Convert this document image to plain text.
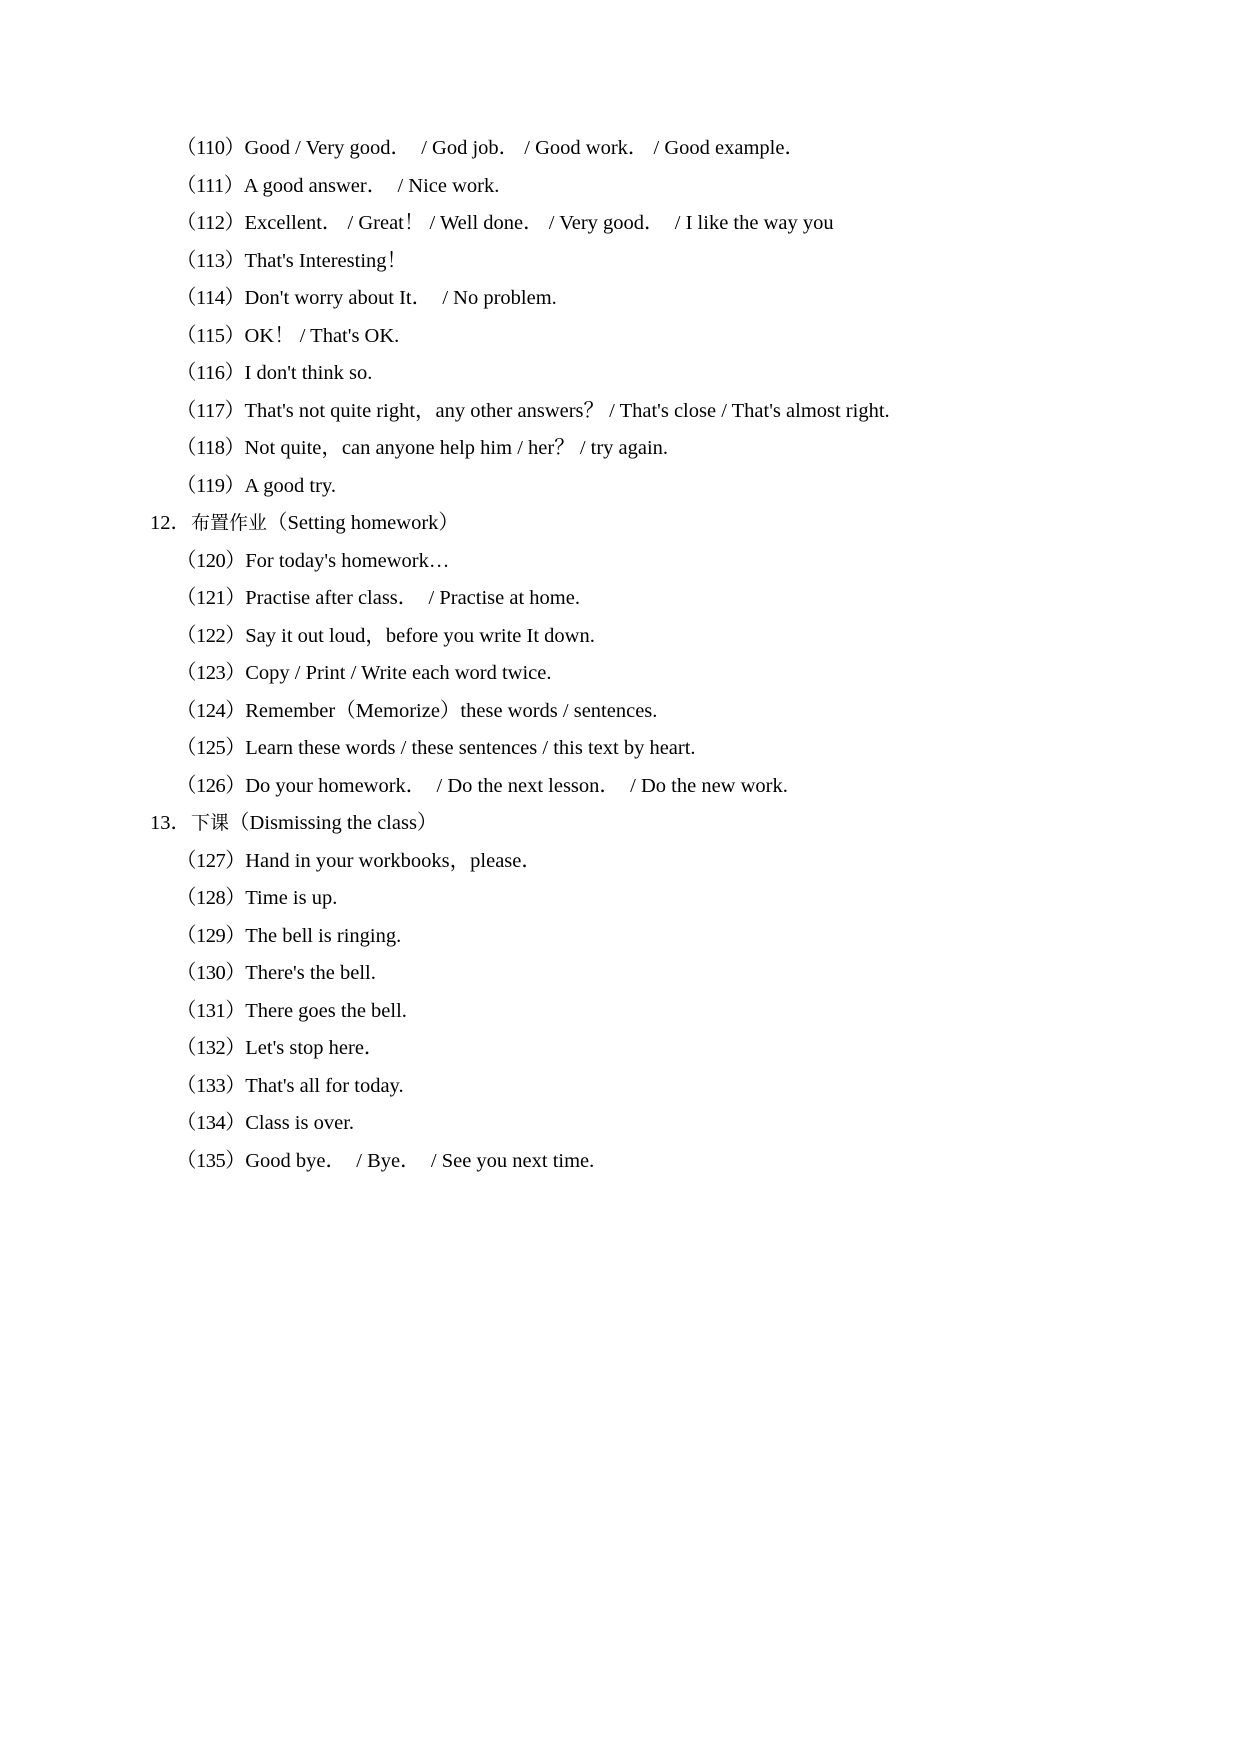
（110）Good / Very good．  / God job． / Good work． / Good example．
（111）A good answer．  / Nice work.
（112）Excellent． / Great！ / Well done． / Very good．  / I like the way you
（113）That's Interesting！
（114）Don't worry about It．  / No problem.
（115）OK！ / That's OK.
（116）I don't think so.
（117）That's not quite right，any other answers？ / That's close / That's almost right.
（118）Not quite，can anyone help him / her？ / try again.
（119）A good try.
12．布置作业（Setting homework）
（120）For today's homework…
（121）Practise after class．  / Practise at home.
（122）Say it out loud，before you write It down.
（123）Copy / Print / Write each word twice.
（124）Remember（Memorize）these words / sentences.
（125）Learn these words / these sentences / this text by heart.
（126）Do your homework．  / Do the next lesson．  / Do the new work.
13．下课（Dismissing the class）
（127）Hand in your workbooks，please．
（128）Time is up.
（129）The bell is ringing.
（130）There's the bell.
（131）There goes the bell.
（132）Let's stop here．
（133）That's all for today.
（134）Class is over.
（135）Good bye．  / Bye．  / See you next time.
